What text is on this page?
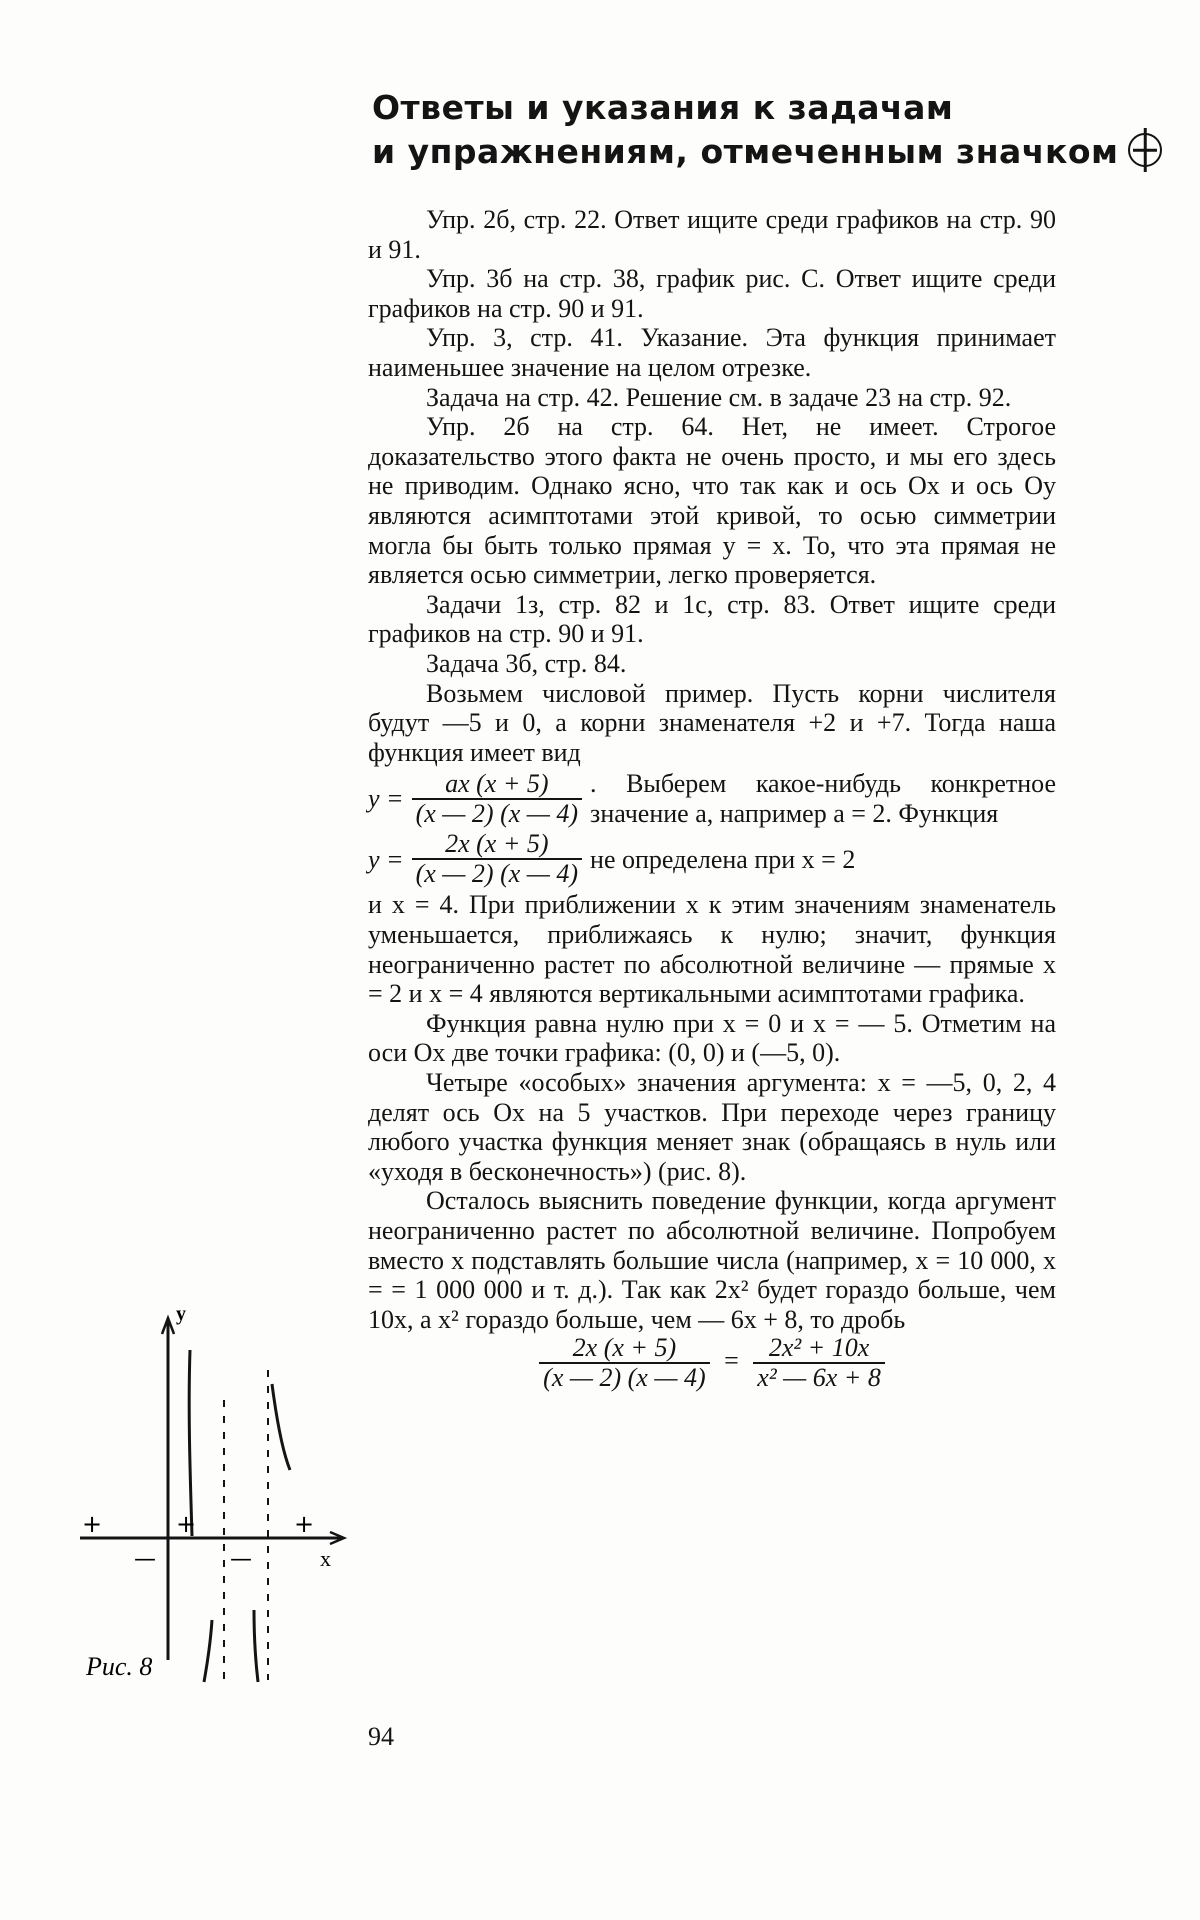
Ответы и указания к задачам
и упражнениям, отмеченным значком

Упр. 2б, стр. 22. Ответ ищите среди графиков на стр. 90 и 91.

Упр. 3б на стр. 38, график рис. С. Ответ ищите среди графиков на стр. 90 и 91.

Упр. 3, стр. 41. Указание. Эта функция принимает наименьшее значение на целом отрезке.

Задача на стр. 42. Решение см. в задаче 23 на стр. 92.

Упр. 2б на стр. 64. Нет, не имеет. Строгое доказательство этого факта не очень просто, и мы его здесь не приводим. Однако ясно, что так как и ось Ox и ось Oy являются асимптотами этой кривой, то осью симметрии могла бы быть только прямая y = x. То, что эта прямая не является осью симметрии, легко проверяется.

Задачи 1з, стр. 82 и 1с, стр. 83. Ответ ищите среди графиков на стр. 90 и 91.

Задача 3б, стр. 84.

Возьмем числовой пример. Пусть корни числителя будут —5 и 0, а корни знаменателя +2 и +7. Тогда наша функция имеет вид

$y = \frac{ax (x + 5)}{(x — 2) (x — 4)}$ . Выберем какое-нибудь конкретное значение a, например a = 2. Функция
$y = \frac{2x (x + 5)}{(x — 2) (x — 4)}$ не определена при x = 2

и x = 4. При приближении x к этим значениям знаменатель уменьшается, приближаясь к нулю; значит, функция неограниченно растет по абсолютной величине — прямые x = 2 и x = 4 являются вертикальными асимптотами графика.

Функция равна нулю при x = 0 и x = — 5. Отметим на оси Ox две точки графика: (0, 0) и (—5, 0).

Четыре «особых» значения аргумента: x = —5, 0, 2, 4 делят ось Ox на 5 участков. При переходе через границу любого участка функция меняет знак (обращаясь в нуль или «уходя в бесконечность») (рис. 8).

Осталось выяснить поведение функции, когда аргумент неограниченно растет по абсолютной величине. Попробуем вместо x подставлять большие числа (например, x = 10 000, x = = 1 000 000 и т. д.). Так как 2x² будет гораздо больше, чем 10x, а x² гораздо больше, чем — 6x + 8, то дробь

$\frac{2x (x + 5)}{(x — 2) (x — 4)} = \frac{\text{2x² + 10x}}{\text{x² — 6x + 8}}$

y
x
+
—
+
—
+
Рис. 8
94
